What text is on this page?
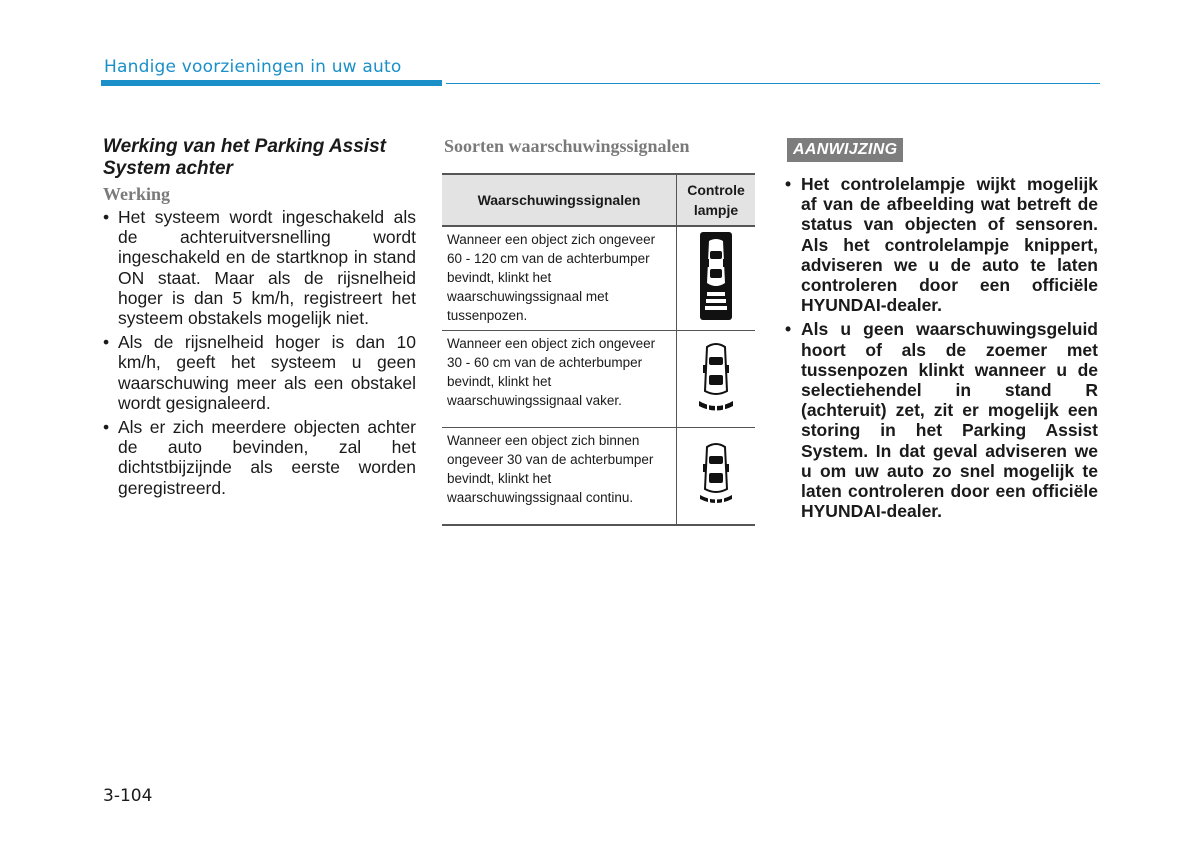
Handige voorzieningen in uw auto
Werking van het Parking Assist System achter
Werking
• Het systeem wordt ingeschakeld als de achteruitversnelling wordt ingeschakeld en de startknop in stand ON staat. Maar als de rijsnelheid hoger is dan 5 km/h, registreert het systeem obstakels mogelijk niet.
• Als de rijsnelheid hoger is dan 10 km/h, geeft het systeem u geen waarschuwing meer als een obstakel wordt gesignaleerd.
• Als er zich meerdere objecten achter de auto bevinden, zal het dichtstbijzijnde als eerste worden geregistreerd.
Soorten waarschuwingssignalen
Waarschuwingssignalen	Controle lampje
Wanneer een object zich ongeveer 60 - 120 cm van de achterbumper bevindt, klinkt het waarschuwingssignaal met tussenpozen.	
Wanneer een object zich ongeveer 30 - 60 cm van de achterbumper bevindt, klinkt het waarschuwingssignaal vaker.	
Wanneer een object zich binnen ongeveer 30 van de achterbumper bevindt, klinkt het waarschuwingssignaal continu.	
AANWIJZING
• Het controlelampje wijkt mogelijk af van de afbeelding wat betreft de status van objecten of sensoren. Als het controlelampje knippert, adviseren we u de auto te laten controleren door een officiële HYUNDAI-dealer.
• Als u geen waarschuwingsgeluid hoort of als de zoemer met tussenpozen klinkt wanneer u de selectiehendel in stand R (achteruit) zet, zit er mogelijk een storing in het Parking Assist System. In dat geval adviseren we u om uw auto zo snel mogelijk te laten controleren door een officiële HYUNDAI-dealer.
3-104
